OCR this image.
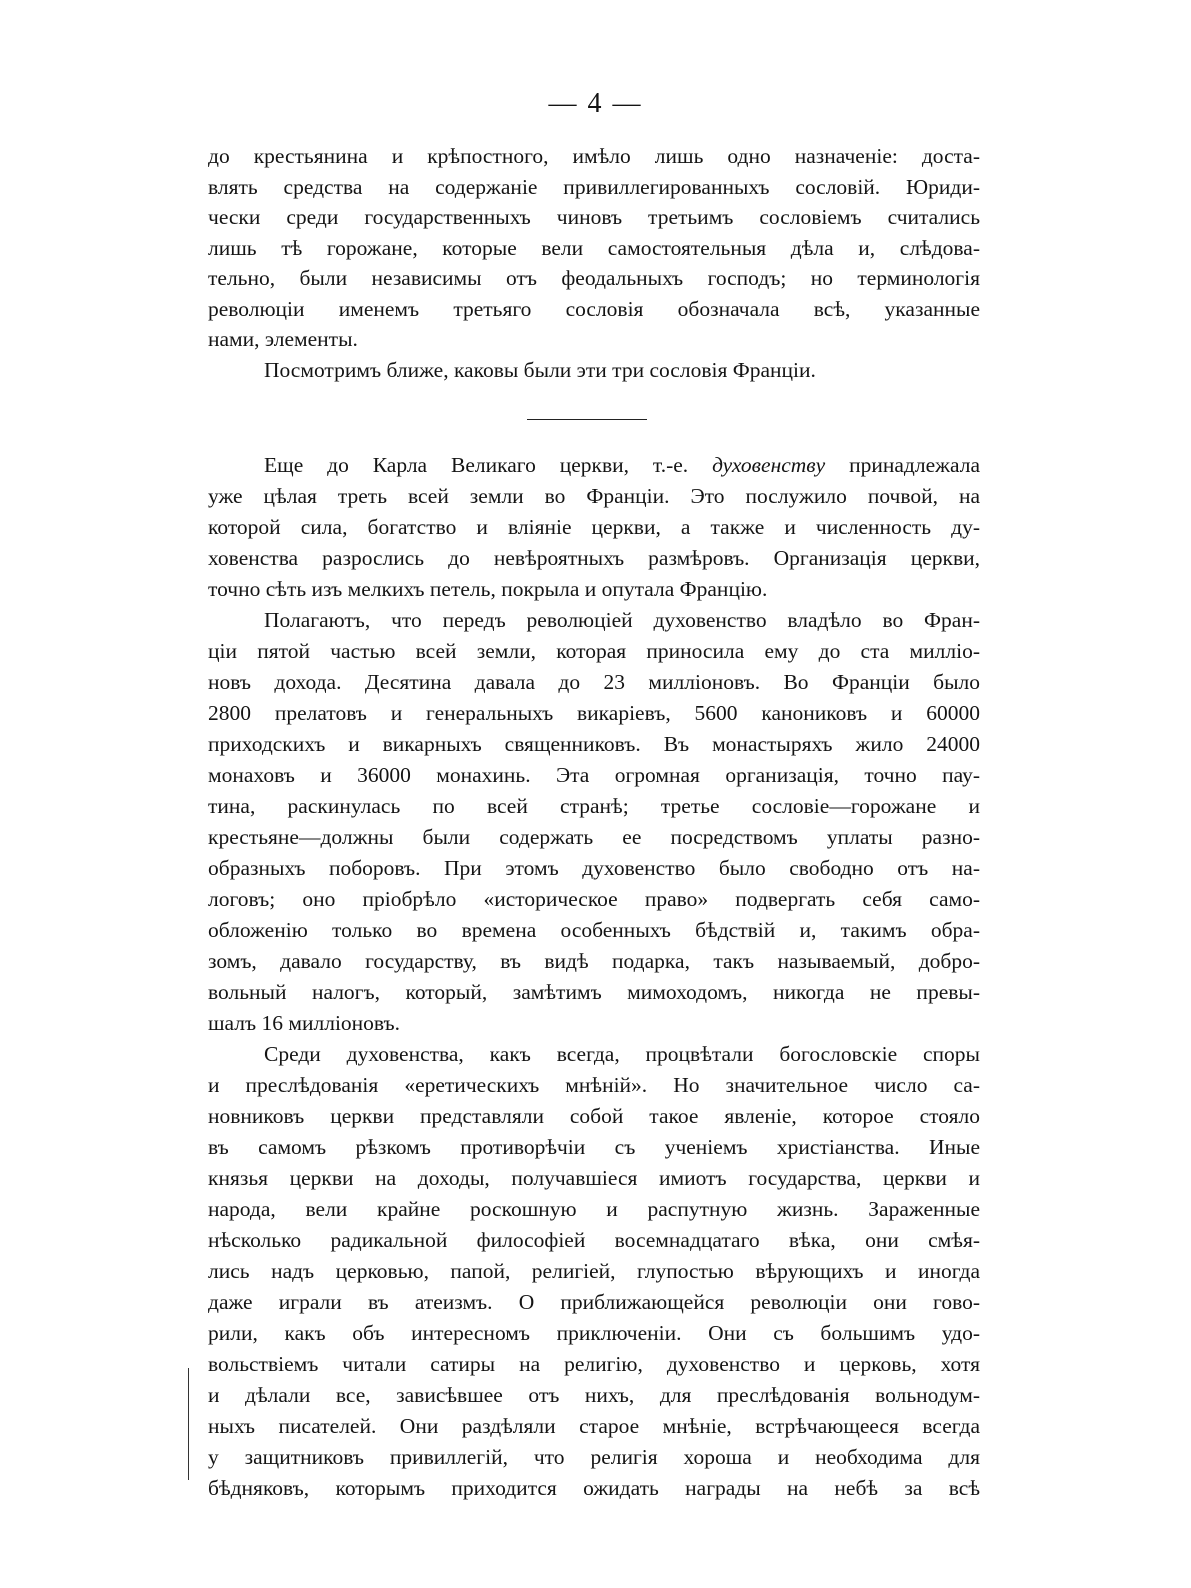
— 4 —
до крестьянина и крѣпостного, имѣло лишь одно назначенiе: доста-
влять средства на содержанiе привиллегированныхъ сословiй. Юриди-
чески среди государственныхъ чиновъ третьимъ сословiемъ считались
лишь тѣ горожане, которые вели самостоятельныя дѣла и, слѣдова-
тельно, были независимы отъ феодальныхъ господъ; но терминологiя
революцiи именемъ третьяго сословiя обозначала всѣ, указанные
нами, элементы.
Посмотримъ ближе, каковы были эти три сословiя Францiи.
Еще до Карла Великаго церкви, т.-е. духовенству принадлежала
уже цѣлая треть всей земли во Францiи. Это послужило почвой, на
которой сила, богатство и влiянiе церкви, а также и численность ду-
ховенства разрослись до невѣроятныхъ размѣровъ. Организацiя церкви,
точно сѣть изъ мелкихъ петель, покрыла и опутала Францiю.
Полагаютъ, что передъ революцiей духовенство владѣло во Фран-
цiи пятой частью всей земли, которая приносила ему до ста миллiо-
новъ дохода. Десятина давала до 23 миллiоновъ. Во Францiи было
2800 прелатовъ и генеральныхъ викарiевъ, 5600 канониковъ и 60000
приходскихъ и викарныхъ священниковъ. Въ монастыряхъ жило 24000
монаховъ и 36000 монахинь. Эта огромная организацiя, точно пау-
тина, раскинулась по всей странѣ; третье сословiе—горожане и
крестьяне—должны были содержать ее посредствомъ уплаты разно-
образныхъ поборовъ. При этомъ духовенство было свободно отъ на-
логовъ; оно прiобрѣло «историческое право» подвергать себя само-
обложенiю только во времена особенныхъ бѣдствiй и, такимъ обра-
зомъ, давало государству, въ видѣ подарка, такъ называемый, добро-
вольный налогъ, который, замѣтимъ мимоходомъ, никогда не превы-
шалъ 16 миллiоновъ.
Среди духовенства, какъ всегда, процвѣтали богословскiе споры
и преслѣдованiя «еретическихъ мнѣнiй». Но значительное число са-
новниковъ церкви представляли собой такое явленiе, которое стояло
въ самомъ рѣзкомъ противорѣчiи съ ученiемъ христiанства. Иные
князья церкви на доходы, получавшiеся имиотъ государства, церкви и
народа, вели крайне роскошную и распутную жизнь. Зараженные
нѣсколько радикальной философiей восемнадцатаго вѣка, они смѣя-
лись надъ церковью, папой, религiей, глупостью вѣрующихъ и иногда
даже играли въ атеизмъ. О приближающейся революцiи они гово-
рили, какъ объ интересномъ приключенiи. Они съ большимъ удо-
вольствiемъ читали сатиры на религiю, духовенство и церковь, хотя
и дѣлали все, зависѣвшее отъ нихъ, для преслѣдованiя вольнодум-
ныхъ писателей. Они раздѣляли старое мнѣнiе, встрѣчающееся всегда
у защитниковъ привиллегiй, что религiя хороша и необходима для
бѣдняковъ, которымъ приходится ожидать награды на небѣ за всѣ
